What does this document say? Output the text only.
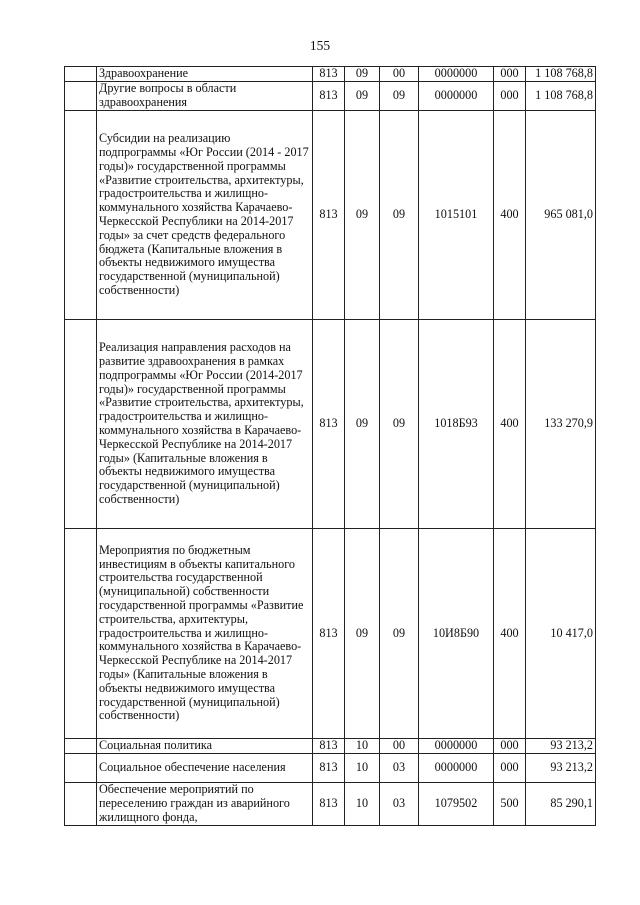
155
	Здравоохранение	813	09	00	0000000	000	1 108 768,8
	Другие вопросы в области здравоохранения	813	09	09	0000000	000	1 108 768,8
	Субсидии на реализацию подпрограммы «Юг России (2014 - 2017 годы)» государственной программы «Развитие строительства, архитектуры, градостроительства и жилищно-коммунального хозяйства Карачаево-Черкесской Республики на 2014-2017 годы» за счет средств федерального бюджета (Капитальные вложения в объекты недвижимого имущества государственной (муниципальной) собственности)	813	09	09	1015101	400	965 081,0
	Реализация направления расходов на развитие здравоохранения в рамках подпрограммы «Юг России (2014-2017 годы)» государственной программы «Развитие строительства, архитектуры, градостроительства и жилищно-коммунального хозяйства в Карачаево-Черкесской Республике на 2014-2017 годы» (Капитальные вложения в объекты недвижимого имущества государственной (муниципальной) собственности)	813	09	09	1018Б93	400	133 270,9
	Мероприятия по бюджетным инвестициям в объекты капитального строительства государственной (муниципальной) собственности государственной программы «Развитие строительства, архитектуры, градостроительства и жилищно-коммунального хозяйства в Карачаево-Черкесской Республике на 2014-2017 годы» (Капитальные вложения в объекты недвижимого имущества государственной (муниципальной) собственности)	813	09	09	10И8Б90	400	10 417,0
	Социальная политика	813	10	00	0000000	000	93 213,2
	Социальное обеспечение населения	813	10	03	0000000	000	93 213,2
	Обеспечение мероприятий по переселению граждан из аварийного жилищного фонда,	813	10	03	1079502	500	85 290,1
